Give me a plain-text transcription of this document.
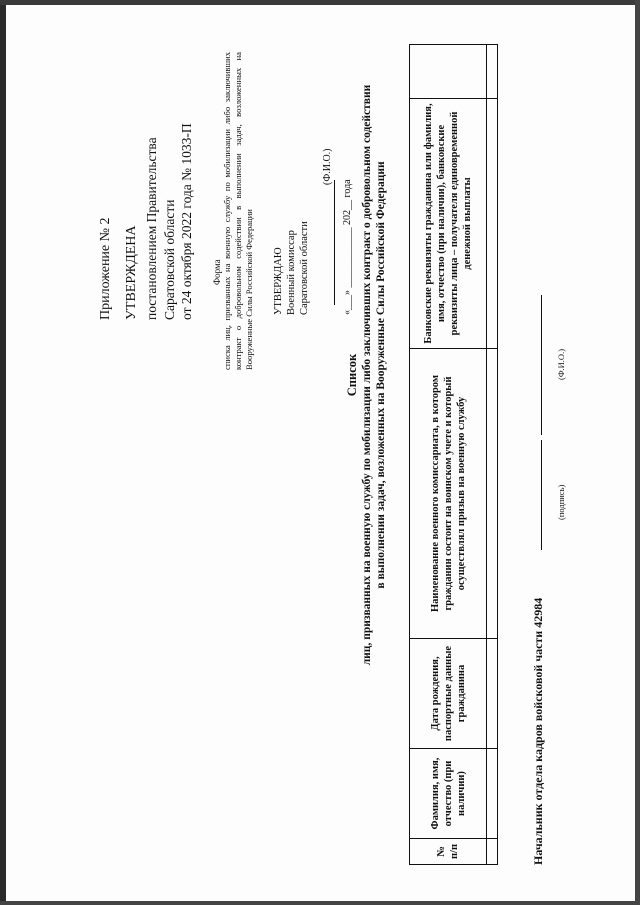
Приложение № 2 УТВЕРЖДЕНА постановлением Правительства Саратовской области от 24 октября 2022 года № 1033-П Форма списка лиц, призванных на военную службу по мобилизации либо заключивших контракт о добровольном содействии в выполнении задач, возложенных на Вооруженные Силы Российской Федерации УТВЕРЖДАЮ Военный комиссар Саратовской области
(Ф.И.О.)
«___» ____________ 202__ года
Список лиц, призванных на военную службу по мобилизации либо заключивших контракт о добровольном содействии в выполнении задач, возложенных на Вооруженные Силы Российской Федерации
№ п/п	Фамилия, имя, отчество (при наличии)	Дата рождения, паспортные данные гражданина	Наименование военного комиссариата, в котором гражданин состоит на воинском учете и который осуществлял призыв на военную службу	Банковские реквизиты гражданина или фамилия, имя, отчество (при наличии), банковские реквизиты лица – получателя единовременной денежной выплаты	

Начальник отдела кадров войсковой части 42984
(подпись)
(Ф.И.О.)
